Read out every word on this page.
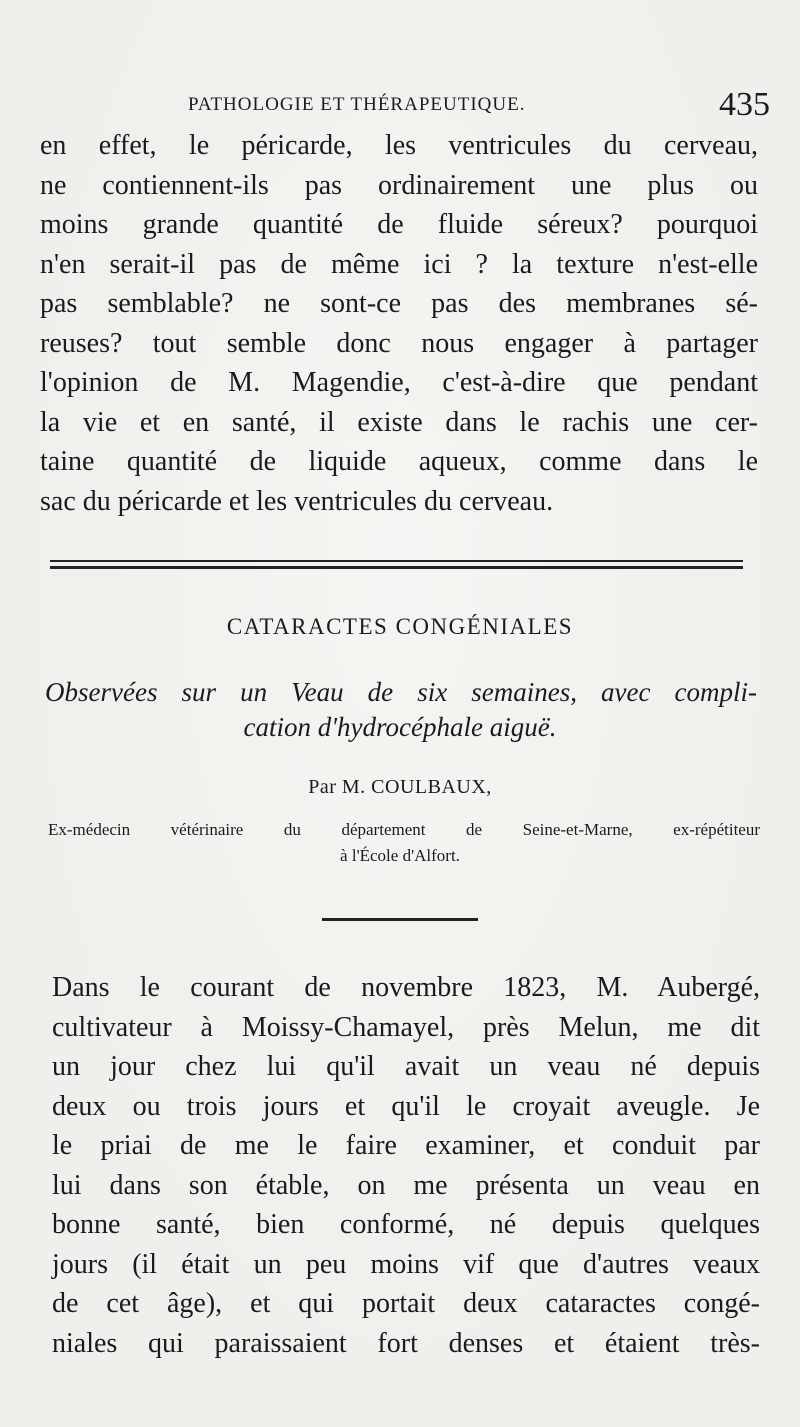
PATHOLOGIE ET THÉRAPEUTIQUE.	435
en effet, le péricarde, les ventricules du cerveau,
ne contiennent-ils pas ordinairement une plus ou
moins grande quantité de fluide séreux? pourquoi
n'en serait-il pas de même ici ? la texture n'est-elle
pas semblable? ne sont-ce pas des membranes sé-
reuses? tout semble donc nous engager à partager
l'opinion de M. Magendie, c'est-à-dire que pendant
la vie et en santé, il existe dans le rachis une cer-
taine quantité de liquide aqueux, comme dans le
sac du péricarde et les ventricules du cerveau.
CATARACTES CONGÉNIALES
Observées sur un Veau de six semaines, avec compli-
cation d'hydrocéphale aiguë.
Par M. COULBAUX,
Ex-médecin vétérinaire du département de Seine-et-Marne, ex-répétiteur
à l'École d'Alfort.
Dans le courant de novembre 1823, M. Aubergé,
cultivateur à Moissy-Chamayel, près Melun, me dit
un jour chez lui qu'il avait un veau né depuis
deux ou trois jours et qu'il le croyait aveugle. Je
le priai de me le faire examiner, et conduit par
lui dans son étable, on me présenta un veau en
bonne santé, bien conformé, né depuis quelques
jours (il était un peu moins vif que d'autres veaux
de cet âge), et qui portait deux cataractes congé-
niales qui paraissaient fort denses et étaient très-
